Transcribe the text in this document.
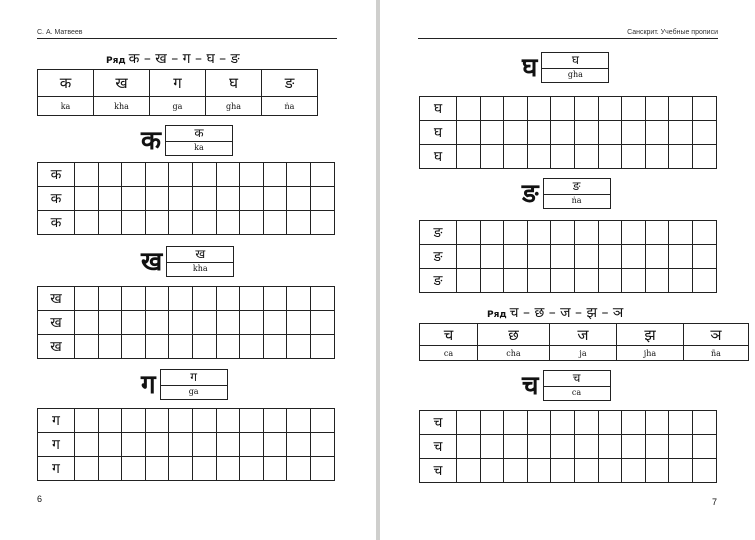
С. А. Матвеев
Ряд क – ख – ग – घ – ङ
क	ख	ग	घ	ङ
ka	kha	ga	gha	ṅa
क	क
ka
क											
क											
क											
ख	ख
kha
ख											
ख											
ख											
ग	ग
ga
ग											
ग											
ग											
6
Санскрит. Учебные прописи
घ	घ
gha
घ											
घ											
घ											
ङ	ङ
ṅa
ङ											
ङ											
ङ											
Ряд च – छ – ज – झ – ञ
च	छ	ज	झ	ञ
ca	cha	ja	jha	ña
च	च
ca
च											
च											
च											
7
